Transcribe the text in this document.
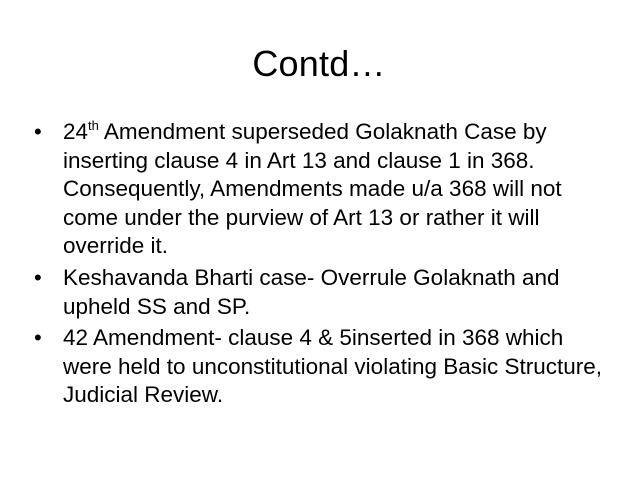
Contd…
• 24th Amendment superseded Golaknath Case by inserting clause 4 in Art 13 and clause 1 in 368. Consequently, Amendments made u/a 368 will not come under the purview of Art 13 or rather it will override it.
• Keshavanda Bharti case- Overrule Golaknath and upheld SS and SP.
• 42 Amendment- clause 4 & 5inserted in 368 which were held to unconstitutional violating Basic Structure, Judicial Review.
